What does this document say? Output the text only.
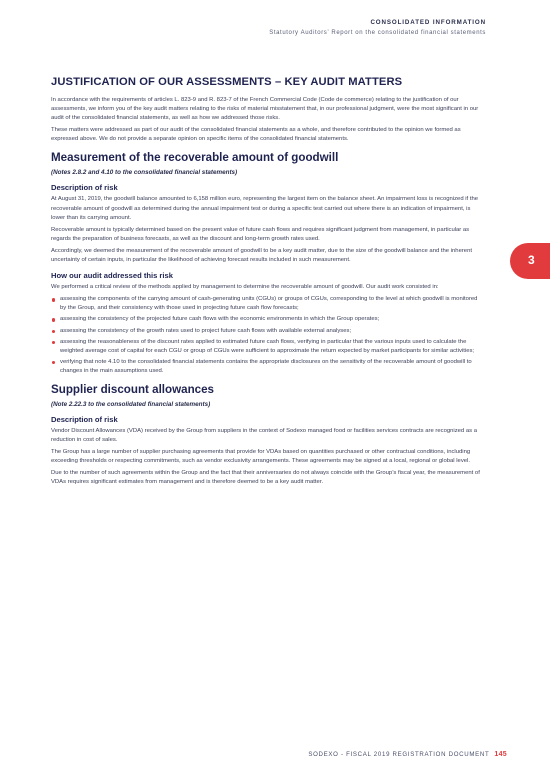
CONSOLIDATED INFORMATION
Statutory Auditors’ Report on the consolidated financial statements
3
JUSTIFICATION OF OUR ASSESSMENTS – KEY AUDIT MATTERS

In accordance with the requirements of articles L. 823-9 and R. 823-7 of the French Commercial Code (Code de commerce) relating to the justification of our assessments, we inform you of the key audit matters relating to the risks of material misstatement that, in our professional judgment, were the most significant in our audit of the consolidated financial statements, as well as how we addressed those risks.

These matters were addressed as part of our audit of the consolidated financial statements as a whole, and therefore contributed to the opinion we formed as expressed above. We do not provide a separate opinion on specific items of the consolidated financial statements.

Measurement of the recoverable amount of goodwill
(Notes 2.8.2 and 4.10 to the consolidated financial statements)
Description of risk

At August 31, 2019, the goodwill balance amounted to 6,158 million euro, representing the largest item on the balance sheet. An impairment loss is recognized if the recoverable amount of goodwill as determined during the annual impairment test or during a specific test carried out where there is an indication of impairment, is lower than its carrying amount.

Recoverable amount is typically determined based on the present value of future cash flows and requires significant judgment from management, in particular as regards the preparation of business forecasts, as well as the discount and long-term growth rates used.

Accordingly, we deemed the measurement of the recoverable amount of goodwill to be a key audit matter, due to the size of the goodwill balance and the inherent uncertainty of certain inputs, in particular the likelihood of achieving forecast results included in such measurement.

How our audit addressed this risk

We performed a critical review of the methods applied by management to determine the recoverable amount of goodwill. Our audit work consisted in:

assessing the components of the carrying amount of cash-generating units (CGUs) or groups of CGUs, corresponding to the level at which goodwill is monitored by the Group, and their consistency with those used in projecting future cash flow forecasts;
assessing the consistency of the projected future cash flows with the economic environments in which the Group operates;
assessing the consistency of the growth rates used to project future cash flows with available external analyses;
assessing the reasonableness of the discount rates applied to estimated future cash flows, verifying in particular that the various inputs used to calculate the weighted average cost of capital for each CGU or group of CGUs were sufficient to approximate the return expected by market participants for similar activities;
verifying that note 4.10 to the consolidated financial statements contains the appropriate disclosures on the sensitivity of the recoverable amount of goodwill to changes in the main assumptions used.
Supplier discount allowances
(Note 2.22.3 to the consolidated financial statements)
Description of risk

Vendor Discount Allowances (VDA) received by the Group from suppliers in the context of Sodexo managed food or facilities services contracts are recognized as a reduction in cost of sales.

The Group has a large number of supplier purchasing agreements that provide for VDAs based on quantities purchased or other contractual conditions, including exceeding thresholds or respecting commitments, such as vendor exclusivity arrangements. These agreements may be signed at a local, regional or global level.

Due to the number of such agreements within the Group and the fact that their anniversaries do not always coincide with the Group’s fiscal year, the measurement of VDAs requires significant estimates from management and is therefore deemed to be a key audit matter.

SODEXO - FISCAL 2019 REGISTRATION DOCUMENT 145
